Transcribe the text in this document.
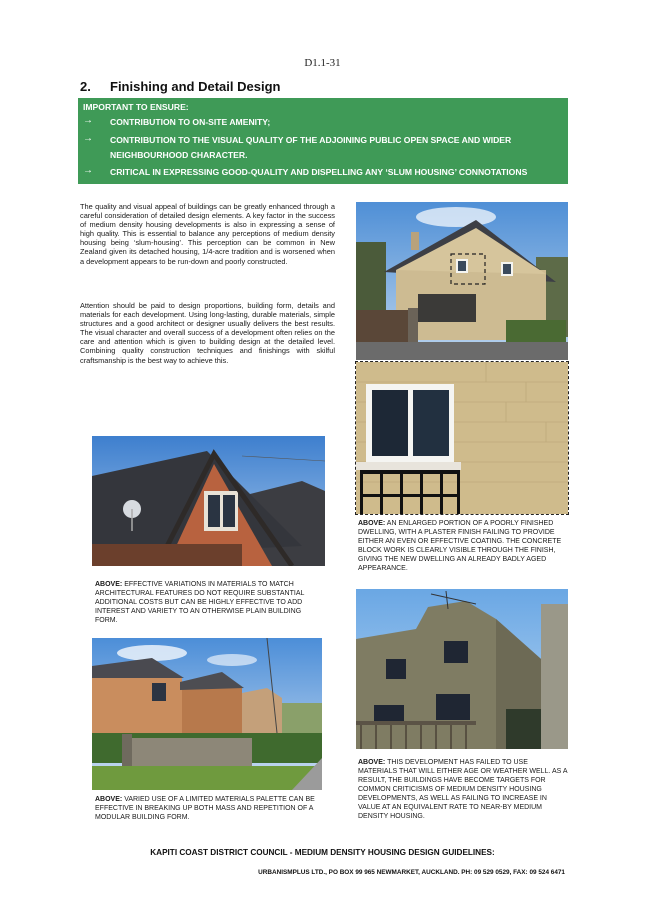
D1.1-31
2. Finishing and Detail Design
IMPORTANT TO ENSURE:
→ CONTRIBUTION TO ON-SITE AMENITY;
→ CONTRIBUTION TO THE VISUAL QUALITY OF THE ADJOINING PUBLIC OPEN SPACE AND WIDER
NEIGHBOURHOOD CHARACTER.
→ CRITICAL IN EXPRESSING GOOD-QUALITY AND DISPELLING ANY ‘SLUM HOUSING’ CONNOTATIONS
The quality and visual appeal of buildings can be greatly enhanced through a careful consideration of detailed design elements. A key factor in the success of medium density housing developments is also in expressing a sense of high quality. This is essential to balance any perceptions of medium density housing being ‘slum-housing’. This perception can be common in New Zealand given its detached housing, 1/4-acre tradition and is worsened when a development appears to be run-down and poorly constructed.
Attention should be paid to design proportions, building form, details and materials for each development. Using long-lasting, durable materials, simple structures and a good architect or designer usually delivers the best results. The visual character and overall success of a development often relies on the care and attention which is given to building design at the detailed level. Combining quality construction techniques and finishings with skilful craftsmanship is the best way to achieve this.
ABOVE: AN ENLARGED PORTION OF A POORLY FINISHED DWELLING, WITH A PLASTER FINISH FAILING TO PROVIDE EITHER AN EVEN OR EFFECTIVE COATING. THE CONCRETE BLOCK WORK IS CLEARLY VISIBLE THROUGH THE FINISH, GIVING THE NEW DWELLING AN ALREADY BADLY AGED APPEARANCE.
ABOVE: EFFECTIVE VARIATIONS IN MATERIALS TO MATCH ARCHITECTURAL FEATURES DO NOT REQUIRE SUBSTANTIAL ADDITIONAL COSTS BUT CAN BE HIGHLY EFFECTIVE TO ADD INTEREST AND VARIETY TO AN OTHERWISE PLAIN BUILDING FORM.
ABOVE: VARIED USE OF A LIMITED MATERIALS PALETTE CAN BE EFFECTIVE IN BREAKING UP BOTH MASS AND REPETITION OF A MODULAR BUILDING FORM.
ABOVE: THIS DEVELOPMENT HAS FAILED TO USE MATERIALS THAT WILL EITHER AGE OR WEATHER WELL. AS A RESULT, THE BUILDINGS HAVE BECOME TARGETS FOR COMMON CRITICISMS OF MEDIUM DENSITY HOUSING DEVELOPMENTS, AS WELL AS FAILING TO INCREASE IN VALUE AT AN EQUIVALENT RATE TO NEAR-BY MEDIUM DENSITY HOUSING.
KAPITI COAST DISTRICT COUNCIL - MEDIUM DENSITY HOUSING DESIGN GUIDELINES:
URBANISMPLUS LTD., PO BOX 99 965 NEWMARKET, AUCKLAND. PH: 09 529 0529, FAX: 09 524 6471
